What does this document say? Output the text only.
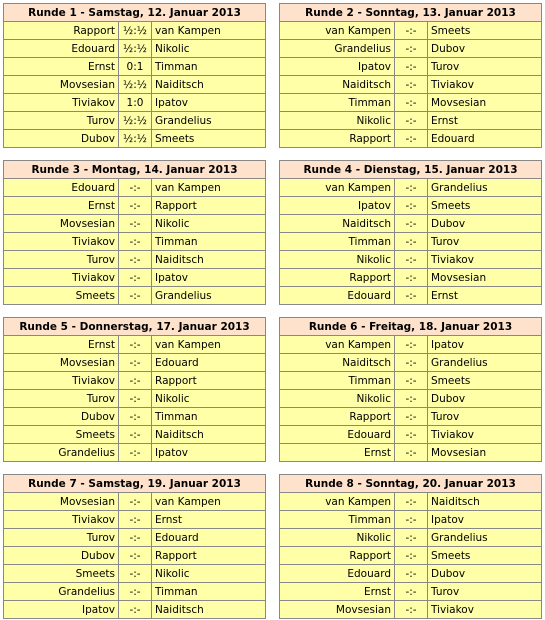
Runde 1 - Samstag, 12. Januar 2013		
Rapport	½:½	van Kampen
Edouard	½:½	Nikolic
Ernst	0:1	Timman
Movsesian	½:½	Naiditsch
Tiviakov	1:0	Ipatov
Turov	½:½	Grandelius
Dubov	½:½	Smeets
Runde 2 - Sonntag, 13. Januar 2013		
van Kampen	-:-	Smeets
Grandelius	-:-	Dubov
Ipatov	-:-	Turov
Naiditsch	-:-	Tiviakov
Timman	-:-	Movsesian
Nikolic	-:-	Ernst
Rapport	-:-	Edouard
Runde 3 - Montag, 14. Januar 2013		
Edouard	-:-	van Kampen
Ernst	-:-	Rapport
Movsesian	-:-	Nikolic
Tiviakov	-:-	Timman
Turov	-:-	Naiditsch
Tiviakov	-:-	Ipatov
Smeets	-:-	Grandelius
Runde 4 - Dienstag, 15. Januar 2013		
van Kampen	-:-	Grandelius
Ipatov	-:-	Smeets
Naiditsch	-:-	Dubov
Timman	-:-	Turov
Nikolic	-:-	Tiviakov
Rapport	-:-	Movsesian
Edouard	-:-	Ernst
Runde 5 - Donnerstag, 17. Januar 2013		
Ernst	-:-	van Kampen
Movsesian	-:-	Edouard
Tiviakov	-:-	Rapport
Turov	-:-	Nikolic
Dubov	-:-	Timman
Smeets	-:-	Naiditsch
Grandelius	-:-	Ipatov
Runde 6 - Freitag, 18. Januar 2013		
van Kampen	-:-	Ipatov
Naiditsch	-:-	Grandelius
Timman	-:-	Smeets
Nikolic	-:-	Dubov
Rapport	-:-	Turov
Edouard	-:-	Tiviakov
Ernst	-:-	Movsesian
Runde 7 - Samstag, 19. Januar 2013		
Movsesian	-:-	van Kampen
Tiviakov	-:-	Ernst
Turov	-:-	Edouard
Dubov	-:-	Rapport
Smeets	-:-	Nikolic
Grandelius	-:-	Timman
Ipatov	-:-	Naiditsch
Runde 8 - Sonntag, 20. Januar 2013		
van Kampen	-:-	Naiditsch
Timman	-:-	Ipatov
Nikolic	-:-	Grandelius
Rapport	-:-	Smeets
Edouard	-:-	Dubov
Ernst	-:-	Turov
Movsesian	-:-	Tiviakov
